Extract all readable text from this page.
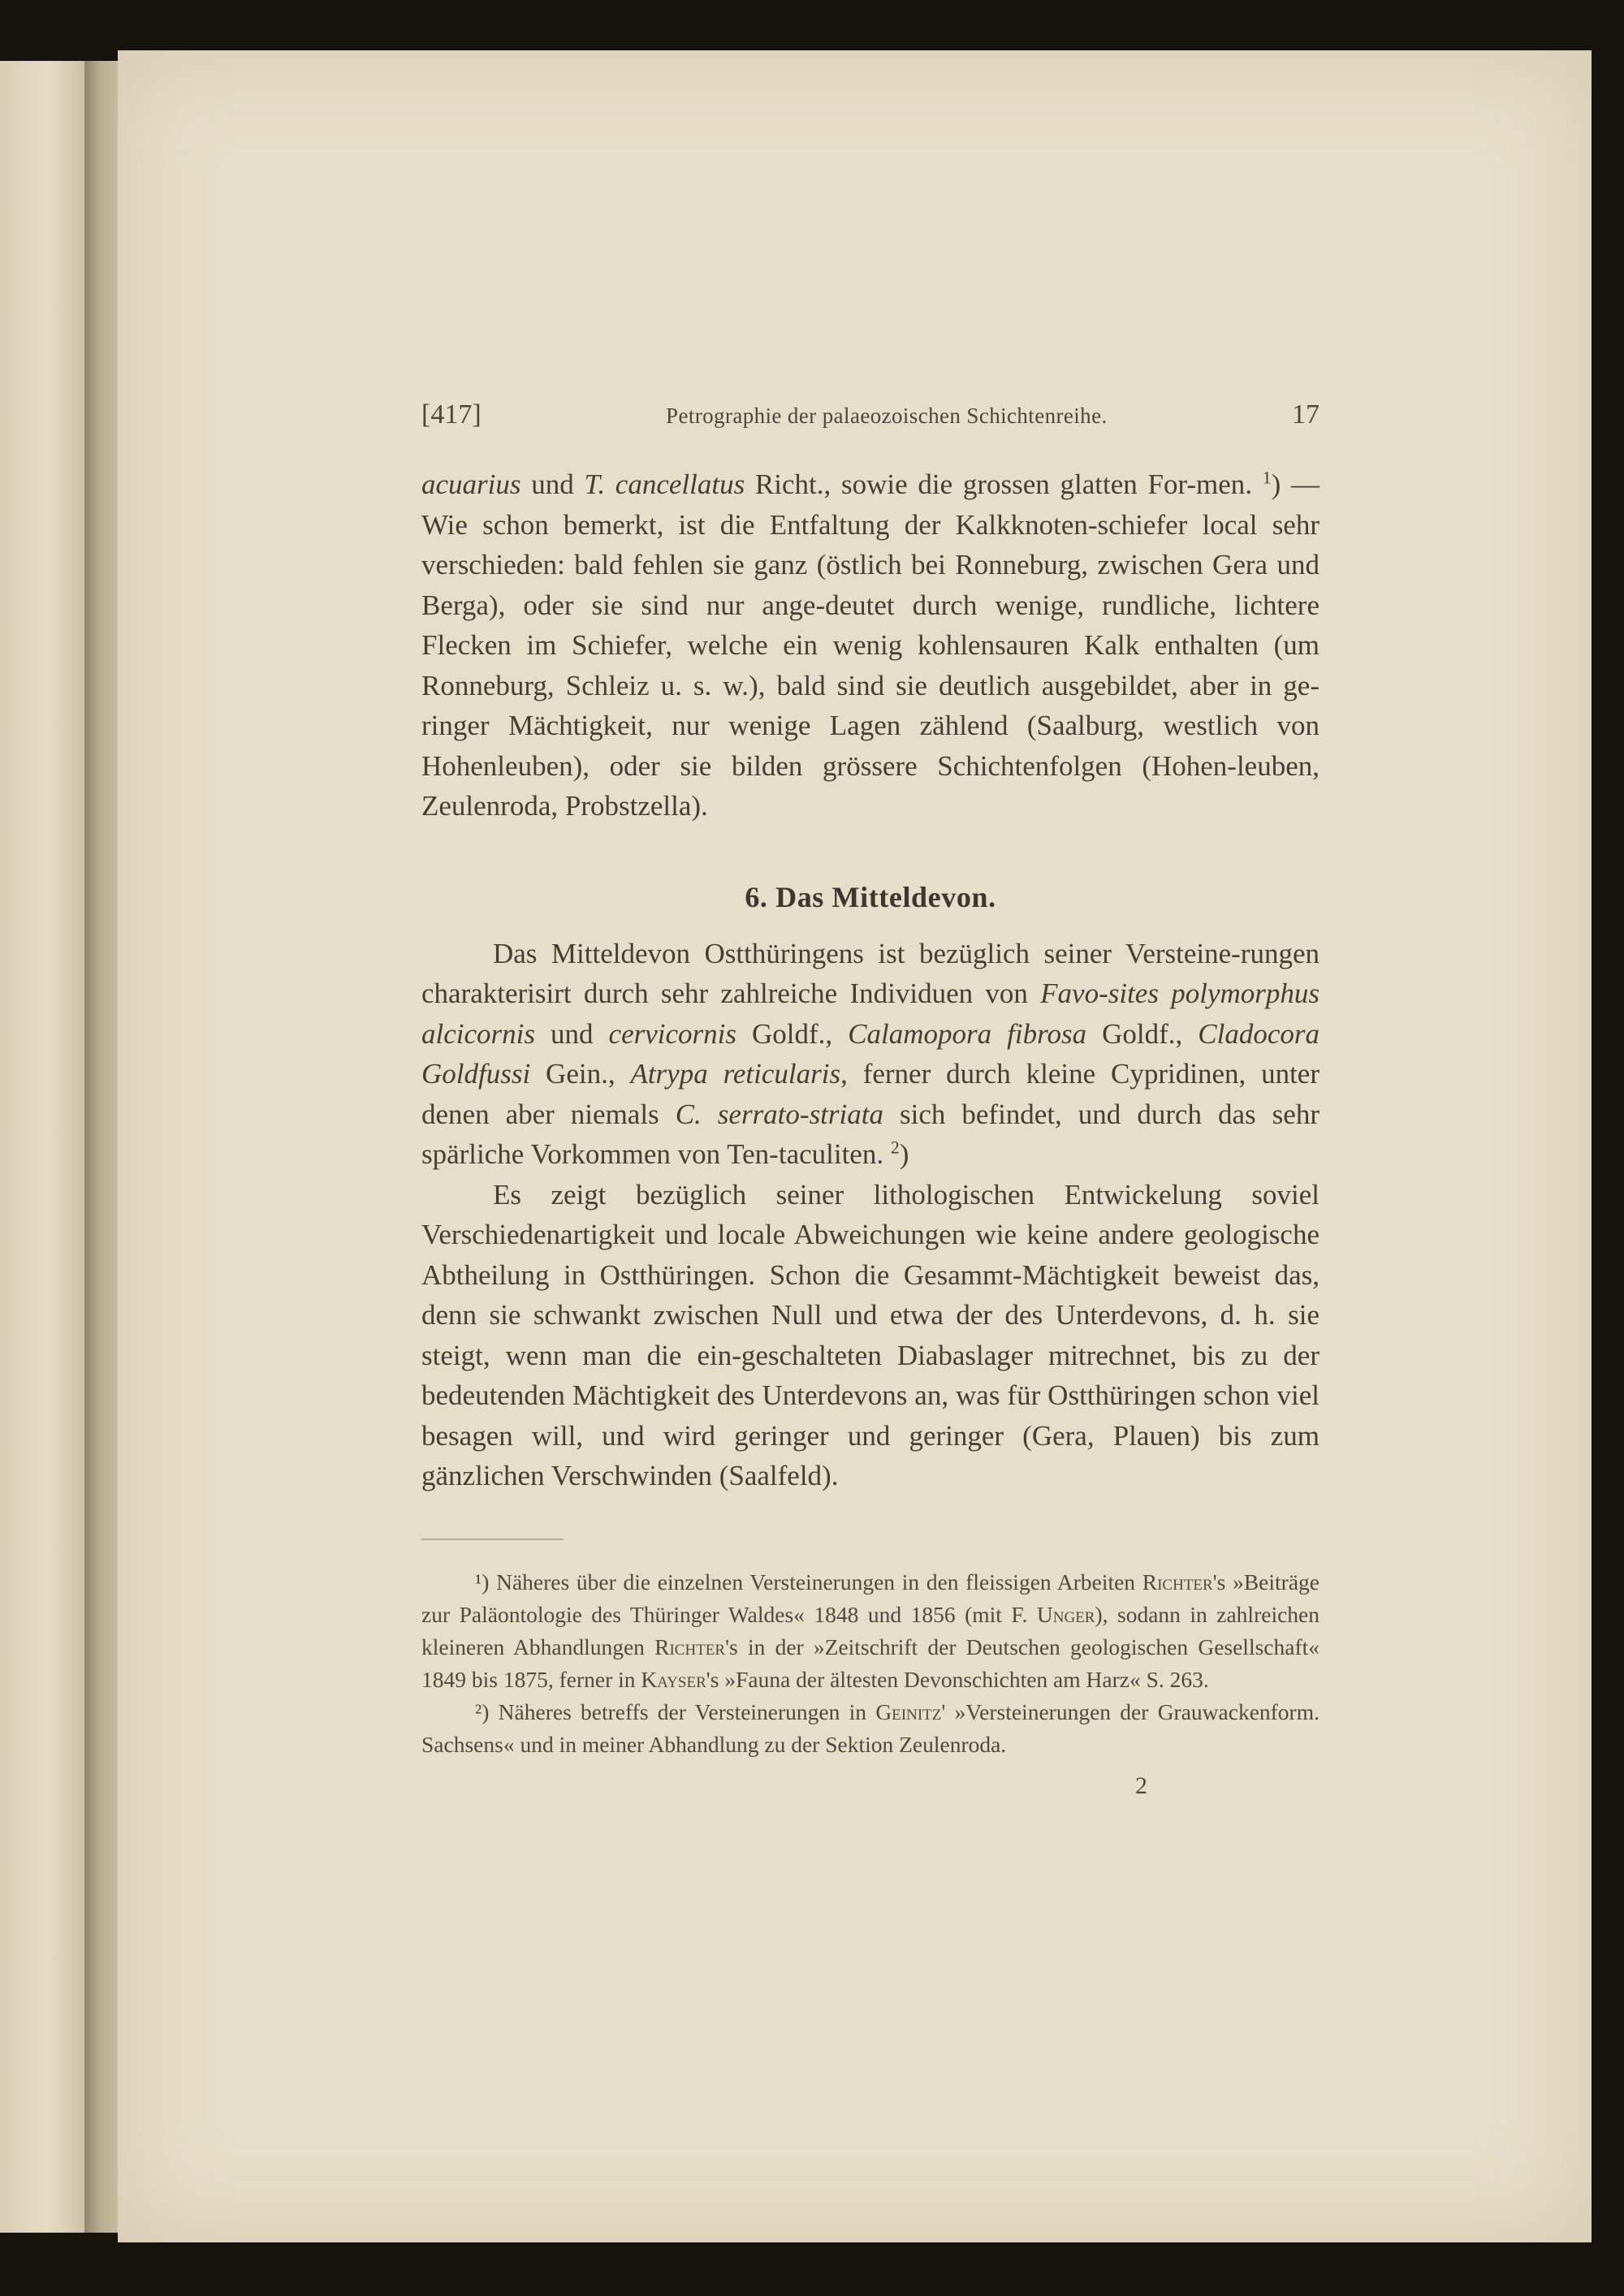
[417]	Petrographie der palaeozoischen Schichtenreihe.	17

acuarius und T. cancellatus Richt., sowie die grossen glatten For-men. $^1$) — Wie schon bemerkt, ist die Entfaltung der Kalkknoten-schiefer local sehr verschieden: bald fehlen sie ganz (östlich bei Ronneburg, zwischen Gera und Berga), oder sie sind nur ange-deutet durch wenige, rundliche, lichtere Flecken im Schiefer, welche ein wenig kohlensauren Kalk enthalten (um Ronneburg, Schleiz u. s. w.), bald sind sie deutlich ausgebildet, aber in ge-ringer Mächtigkeit, nur wenige Lagen zählend (Saalburg, westlich von Hohenleuben), oder sie bilden grössere Schichtenfolgen (Hohen-leuben, Zeulenroda, Probstzella).

6. Das Mitteldevon.

Das Mitteldevon Ostthüringens ist bezüglich seiner Versteine-rungen charakterisirt durch sehr zahlreiche Individuen von Favo-sites polymorphus alcicornis und cervicornis Goldf., Calamopora fibrosa Goldf., Cladocora Goldfussi Gein., Atrypa reticularis, ferner durch kleine Cypridinen, unter denen aber niemals C. serrato-striata sich befindet, und durch das sehr spärliche Vorkommen von Ten-taculiten. $^2$)

Es zeigt bezüglich seiner lithologischen Entwickelung soviel Verschiedenartigkeit und locale Abweichungen wie keine andere geologische Abtheilung in Ostthüringen. Schon die Gesammt-Mächtigkeit beweist das, denn sie schwankt zwischen Null und etwa der des Unterdevons, d. h. sie steigt, wenn man die ein-geschalteten Diabaslager mitrechnet, bis zu der bedeutenden Mächtigkeit des Unterdevons an, was für Ostthüringen schon viel besagen will, und wird geringer und geringer (Gera, Plauen) bis zum gänzlichen Verschwinden (Saalfeld).

¹) Näheres über die einzelnen Versteinerungen in den fleissigen Arbeiten Richter's »Beiträge zur Paläontologie des Thüringer Waldes« 1848 und 1856 (mit F. Unger), sodann in zahlreichen kleineren Abhandlungen Richter's in der »Zeitschrift der Deutschen geologischen Gesellschaft« 1849 bis 1875, ferner in Kayser's »Fauna der ältesten Devonschichten am Harz« S. 263.

²) Näheres betreffs der Versteinerungen in Geinitz' »Versteinerungen der Grauwackenform. Sachsens« und in meiner Abhandlung zu der Sektion Zeulenroda.

2
